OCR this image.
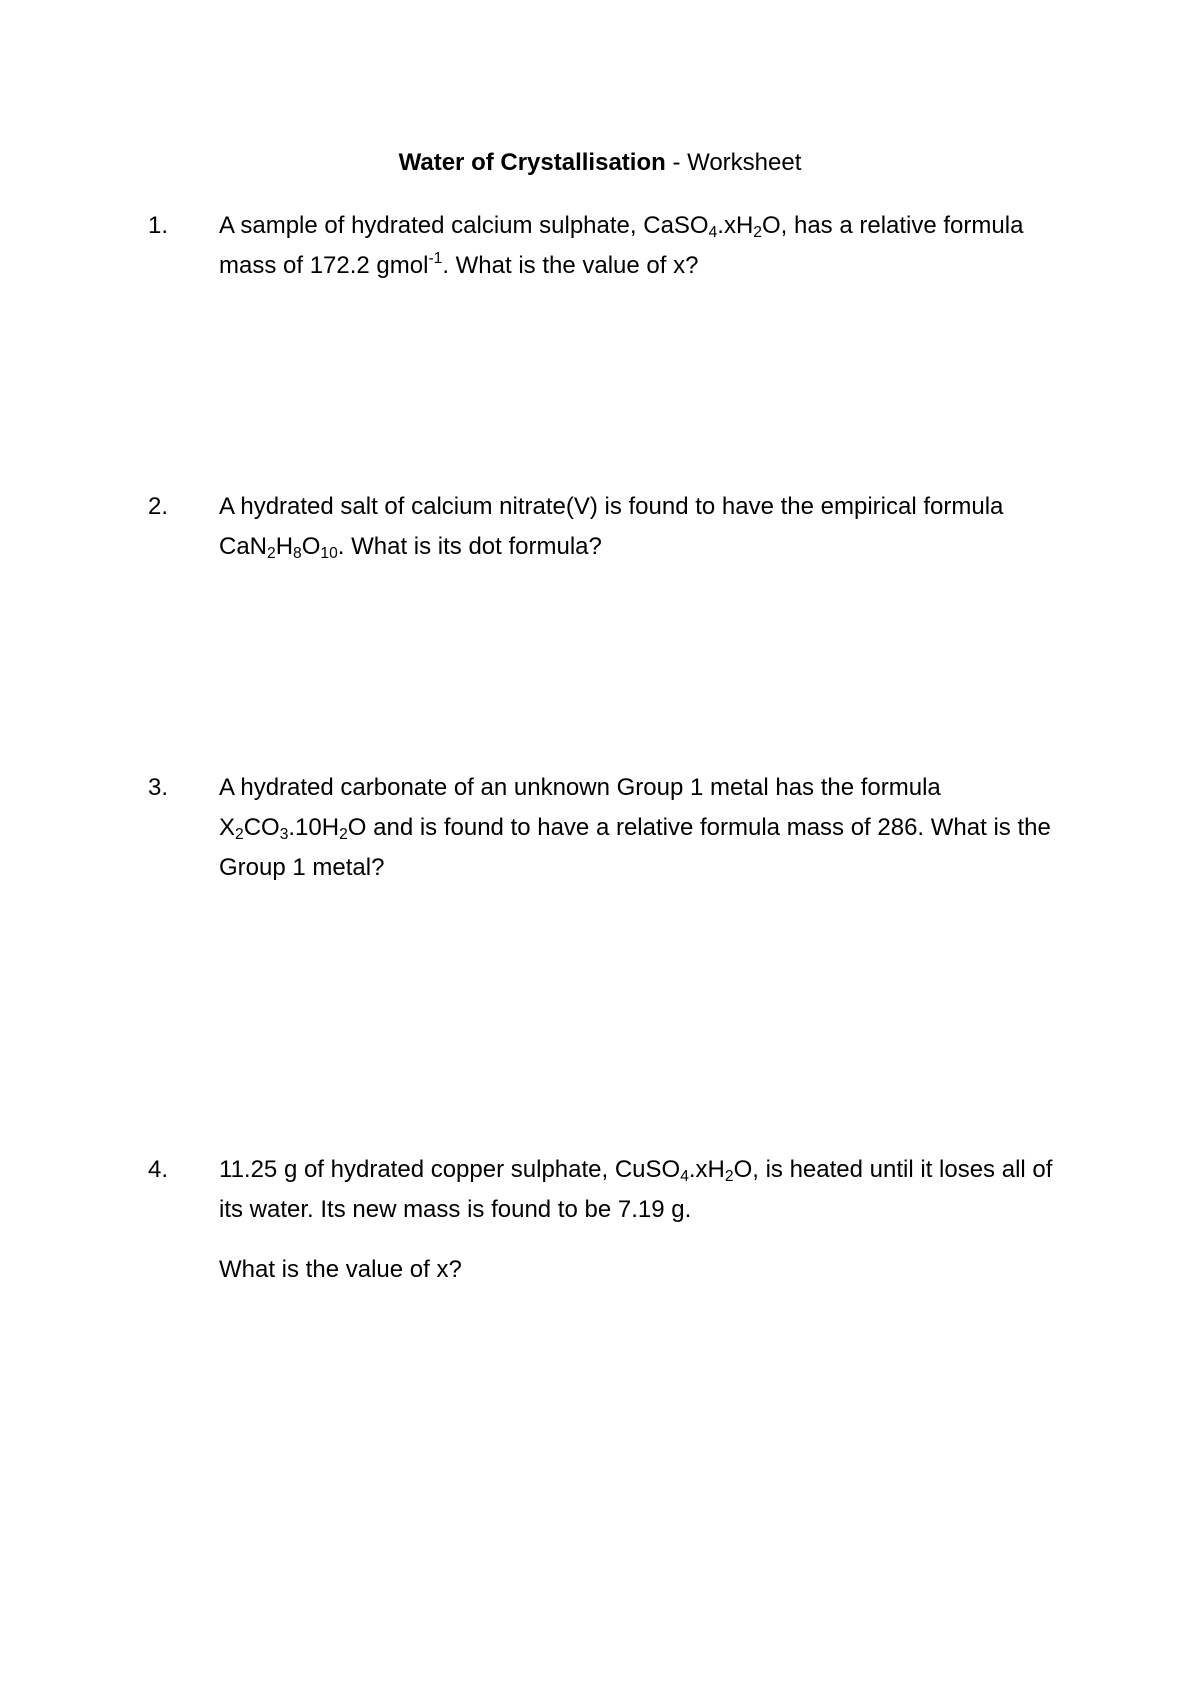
Water of Crystallisation - Worksheet
1.	A sample of hydrated calcium sulphate, $CaSO_4.xH_2O$, has a relative formula mass of 172.2 gmol$^{-1}$. What is the value of x?
2.	A hydrated salt of calcium nitrate(V) is found to have the empirical formula $CaN_2H_8O_{10}$. What is its dot formula?
3.	A hydrated carbonate of an unknown Group 1 metal has the formula $X_2CO_3.10H_2O$ and is found to have a relative formula mass of 286. What is the Group 1 metal?
4.	11.25 g of hydrated copper sulphate, $CuSO_4.xH_2O$, is heated until it loses all of its water. Its new mass is found to be 7.19 g.
What is the value of x?
